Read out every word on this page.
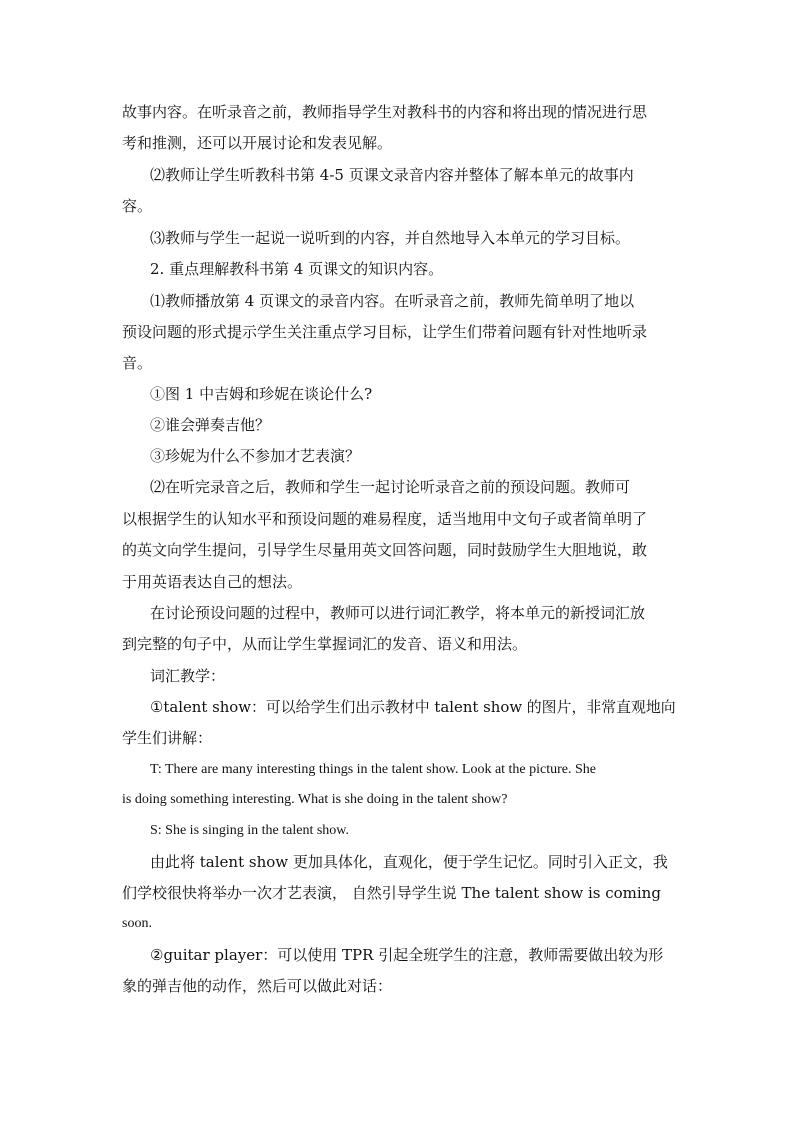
故事内容。在听录音之前，教师指导学生对教科书的内容和将出现的情况进行思
考和推测，还可以开展讨论和发表见解。
⑵教师让学生听教科书第 4-5 页课文录音内容并整体了解本单元的故事内
容。
⑶教师与学生一起说一说听到的内容，并自然地导入本单元的学习目标。
2. 重点理解教科书第 4 页课文的知识内容。
⑴教师播放第 4 页课文的录音内容。在听录音之前，教师先简单明了地以
预设问题的形式提示学生关注重点学习目标，让学生们带着问题有针对性地听录
音。
①图 1 中吉姆和珍妮在谈论什么?
②谁会弹奏吉他？
③珍妮为什么不参加才艺表演？
⑵在听完录音之后，教师和学生一起讨论听录音之前的预设问题。教师可
以根据学生的认知水平和预设问题的难易程度，适当地用中文句子或者简单明了
的英文向学生提问，引导学生尽量用英文回答问题，同时鼓励学生大胆地说，敢
于用英语表达自己的想法。
在讨论预设问题的过程中，教师可以进行词汇教学，将本单元的新授词汇放
到完整的句子中，从而让学生掌握词汇的发音、语义和用法。
词汇教学：
①talent show：可以给学生们出示教材中 talent show 的图片，非常直观地向
学生们讲解：
T: There are many interesting things in the talent show. Look at the picture. She
is doing something interesting. What is she doing in the talent show?
S: She is singing in the talent show.
由此将 talent show 更加具体化，直观化，便于学生记忆。同时引入正文，我
们学校很快将举办一次才艺表演， 自然引导学生说 The talent show is coming
soon.
②guitar player：可以使用 TPR 引起全班学生的注意，教师需要做出较为形
象的弹吉他的动作，然后可以做此对话：
